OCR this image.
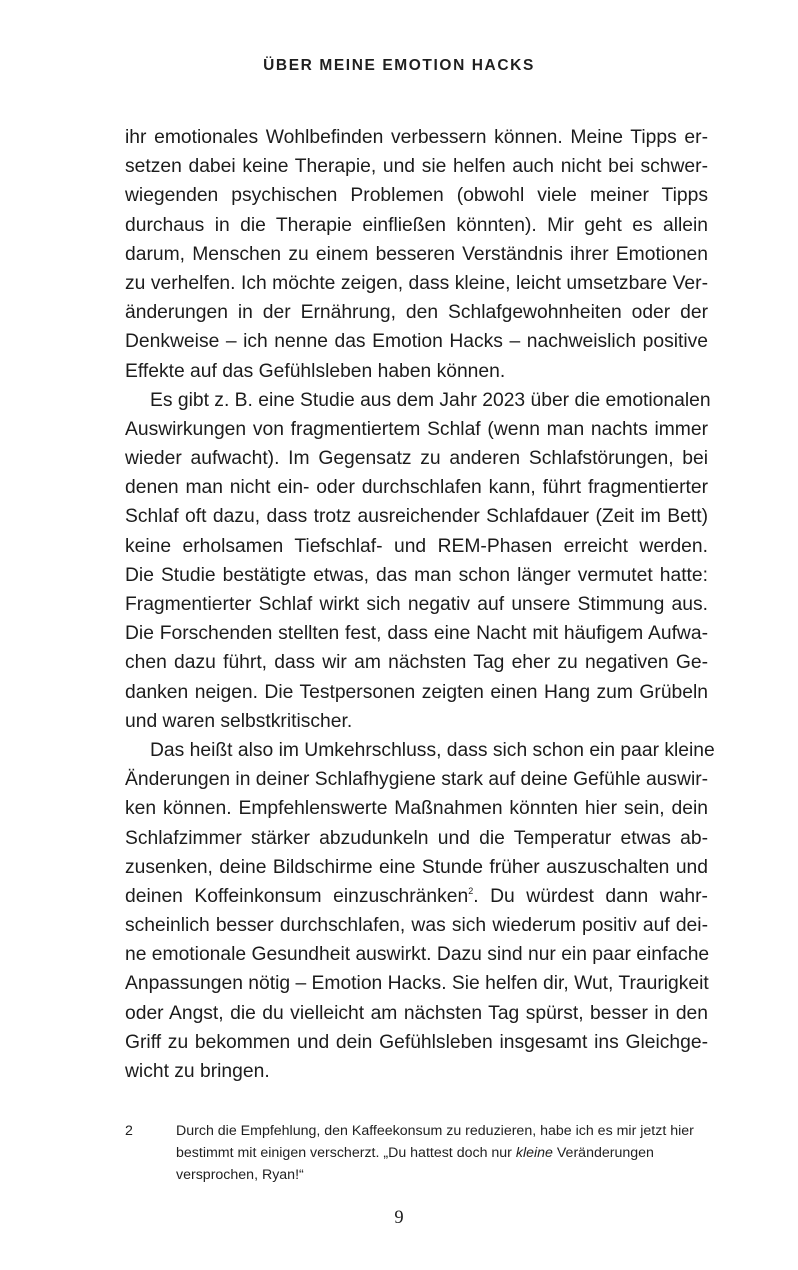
ÜBER MEINE EMOTION HACKS
ihr emotionales Wohlbefinden verbessern können. Meine Tipps er-
setzen dabei keine Therapie, und sie helfen auch nicht bei schwer-
wiegenden psychischen Problemen (obwohl viele meiner Tipps
durchaus in die Therapie einfließen könnten). Mir geht es allein
darum, Menschen zu einem besseren Verständnis ihrer Emotionen
zu verhelfen. Ich möchte zeigen, dass kleine, leicht umsetzbare Ver-
änderungen in der Ernährung, den Schlafgewohnheiten oder der
Denkweise – ich nenne das Emotion Hacks – nachweislich positive
Effekte auf das Gefühlsleben haben können.
Es gibt z. B. eine Studie aus dem Jahr 2023 über die emotionalen
Auswirkungen von fragmentiertem Schlaf (wenn man nachts immer
wieder aufwacht). Im Gegensatz zu anderen Schlafstörungen, bei
denen man nicht ein- oder durchschlafen kann, führt fragmentierter
Schlaf oft dazu, dass trotz ausreichender Schlafdauer (Zeit im Bett)
keine erholsamen Tiefschlaf- und REM-Phasen erreicht werden.
Die Studie bestätigte etwas, das man schon länger vermutet hatte:
Fragmentierter Schlaf wirkt sich negativ auf unsere Stimmung aus.
Die Forschenden stellten fest, dass eine Nacht mit häufigem Aufwa-
chen dazu führt, dass wir am nächsten Tag eher zu negativen Ge-
danken neigen. Die Testpersonen zeigten einen Hang zum Grübeln
und waren selbstkritischer.
Das heißt also im Umkehrschluss, dass sich schon ein paar kleine
Änderungen in deiner Schlafhygiene stark auf deine Gefühle auswir-
ken können. Empfehlenswerte Maßnahmen könnten hier sein, dein
Schlafzimmer stärker abzudunkeln und die Temperatur etwas ab-
zusenken, deine Bildschirme eine Stunde früher auszuschalten und
deinen Koffeinkonsum einzuschränken$^2$. Du würdest dann wahr-
scheinlich besser durchschlafen, was sich wiederum positiv auf dei-
ne emotionale Gesundheit auswirkt. Dazu sind nur ein paar einfache
Anpassungen nötig – Emotion Hacks. Sie helfen dir, Wut, Traurigkeit
oder Angst, die du vielleicht am nächsten Tag spürst, besser in den
Griff zu bekommen und dein Gefühlsleben insgesamt ins Gleichge-
wicht zu bringen.
2	Durch die Empfehlung, den Kaffeekonsum zu reduzieren, habe ich es mir jetzt hier bestimmt mit einigen verscherzt. „Du hattest doch nur kleine Veränderungen versprochen, Ryan!“
9
